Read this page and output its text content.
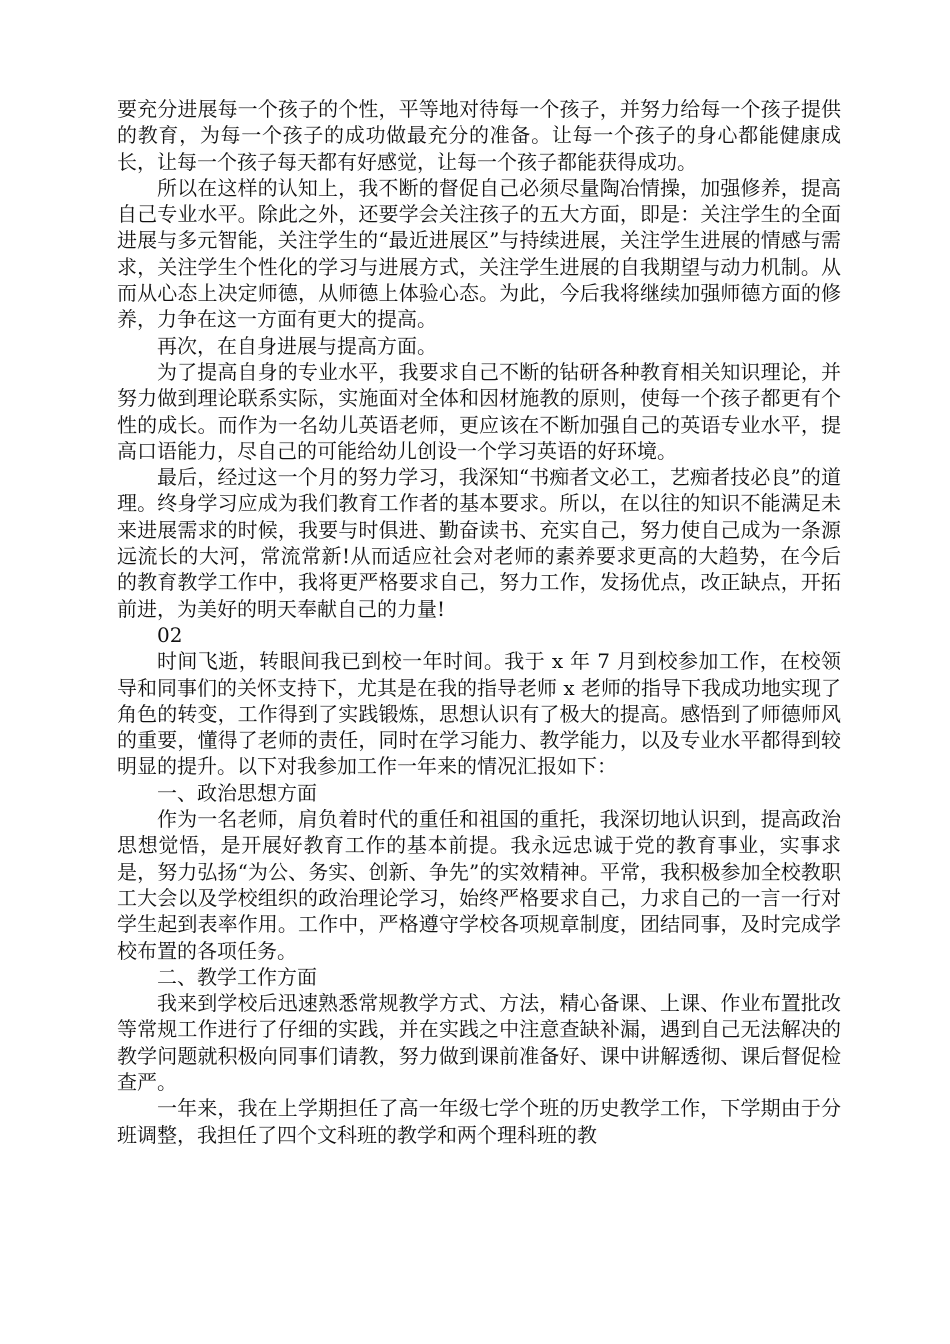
要充分进展每一个孩子的个性，平等地对待每一个孩子，并努力给每一个孩子提供的教育，为每一个孩子的成功做最充分的准备。让每一个孩子的身心都能健康成长，让每一个孩子每天都有好感觉，让每一个孩子都能获得成功。

所以在这样的认知上，我不断的督促自己必须尽量陶冶情操，加强修养，提高自己专业水平。除此之外，还要学会关注孩子的五大方面，即是：关注学生的全面进展与多元智能，关注学生的“最近进展区”与持续进展，关注学生进展的情感与需求，关注学生个性化的学习与进展方式，关注学生进展的自我期望与动力机制。从而从心态上决定师德，从师德上体验心态。为此，今后我将继续加强师德方面的修养，力争在这一方面有更大的提高。

再次，在自身进展与提高方面。

为了提高自身的专业水平，我要求自己不断的钻研各种教育相关知识理论，并努力做到理论联系实际，实施面对全体和因材施教的原则，使每一个孩子都更有个性的成长。而作为一名幼儿英语老师，更应该在不断加强自己的英语专业水平，提高口语能力，尽自己的可能给幼儿创设一个学习英语的好环境。

最后，经过这一个月的努力学习，我深知“书痴者文必工，艺痴者技必良”的道理。终身学习应成为我们教育工作者的基本要求。所以，在以往的知识不能满足未来进展需求的时候，我要与时俱进、勤奋读书、充实自己，努力使自己成为一条源远流长的大河，常流常新!从而适应社会对老师的素养要求更高的大趋势，在今后的教育教学工作中，我将更严格要求自己，努力工作，发扬优点，改正缺点，开拓前进，为美好的明天奉献自己的力量!

02

时间飞逝，转眼间我已到校一年时间。我于 x 年 7 月到校参加工作，在校领导和同事们的关怀支持下，尤其是在我的指导老师 x 老师的指导下我成功地实现了角色的转变，工作得到了实践锻炼，思想认识有了极大的提高。感悟到了师德师风的重要，懂得了老师的责任，同时在学习能力、教学能力，以及专业水平都得到较明显的提升。以下对我参加工作一年来的情况汇报如下：

一、政治思想方面

作为一名老师，肩负着时代的重任和祖国的重托，我深切地认识到，提高政治思想觉悟，是开展好教育工作的基本前提。我永远忠诚于党的教育事业，实事求是，努力弘扬“为公、务实、创新、争先”的实效精神。平常，我积极参加全校教职工大会以及学校组织的政治理论学习，始终严格要求自己，力求自己的一言一行对学生起到表率作用。工作中，严格遵守学校各项规章制度，团结同事，及时完成学校布置的各项任务。

二、教学工作方面

我来到学校后迅速熟悉常规教学方式、方法，精心备课、上课、作业布置批改等常规工作进行了仔细的实践，并在实践之中注意查缺补漏，遇到自己无法解决的教学问题就积极向同事们请教，努力做到课前准备好、课中讲解透彻、课后督促检查严。

一年来，我在上学期担任了高一年级七学个班的历史教学工作，下学期由于分班调整，我担任了四个文科班的教学和两个理科班的教
